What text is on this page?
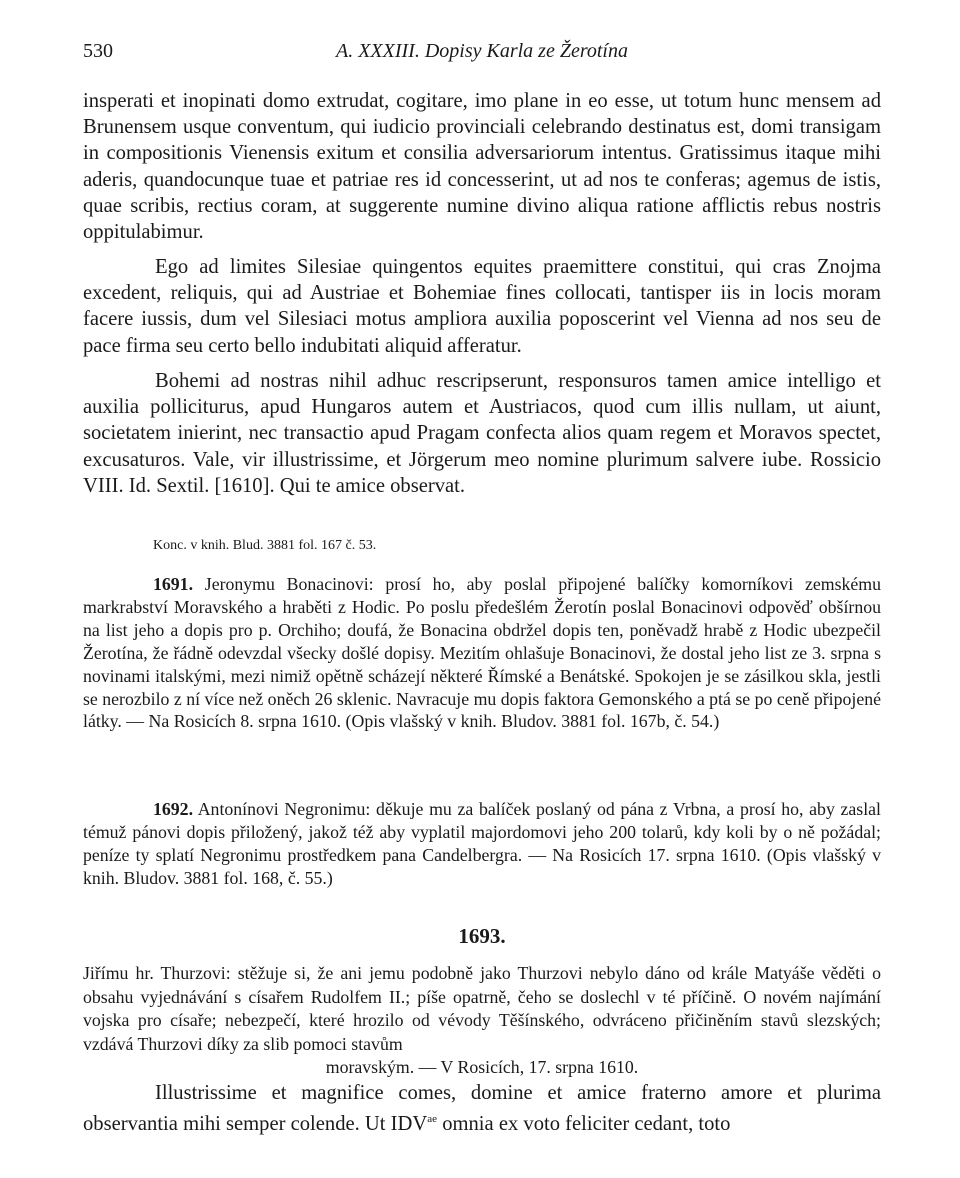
530	A. XXXIII. Dopisy Karla ze Žerotína

insperati et inopinati domo extrudat, cogitare, imo plane in eo esse, ut totum hunc mensem ad Brunensem usque conventum, qui iudicio provinciali celebrando destinatus est, domi transigam in compositionis Vienensis exitum et consilia adversariorum intentus. Gratissimus itaque mihi aderis, quandocunque tuae et patriae res id concesserint, ut ad nos te conferas; agemus de istis, quae scribis, rectius coram, at suggerente numine divino aliqua ratione afflictis rebus nostris oppitulabimur.

Ego ad limites Silesiae quingentos equites praemittere constitui, qui cras Znojma excedent, reliquis, qui ad Austriae et Bohemiae fines collocati, tantisper iis in locis moram facere iussis, dum vel Silesiaci motus ampliora auxilia poposcerint vel Vienna ad nos seu de pace firma seu certo bello indubitati aliquid afferatur.

Bohemi ad nostras nihil adhuc rescripserunt, responsuros tamen amice intelligo et auxilia polliciturus, apud Hungaros autem et Austriacos, quod cum illis nullam, ut aiunt, societatem inierint, nec transactio apud Pragam confecta alios quam regem et Moravos spectet, excusaturos. Vale, vir illustrissime, et Jörgerum meo nomine plurimum salvere iube. Rossicio VIII. Id. Sextil. [1610]. Qui te amice observat.

Konc. v knih. Blud. 3881 fol. 167 č. 53.

1691. Jeronymu Bonacinovi: prosí ho, aby poslal připojené balíčky komorníkovi zemskému markrabství Moravského a hraběti z Hodic. Po poslu předešlém Žerotín poslal Bonacinovi odpověď obšírnou na list jeho a dopis pro p. Orchiho; doufá, že Bonacina obdržel dopis ten, poněvadž hrabě z Hodic ubezpečil Žerotína, že řádně odevzdal všecky došlé dopisy. Mezitím ohlašuje Bonacinovi, že dostal jeho list ze 3. srpna s novinami italskými, mezi nimiž opětně scházejí některé Římské a Benátské. Spokojen je se zásilkou skla, jestli se nerozbilo z ní více než oněch 26 sklenic. Navracuje mu dopis faktora Gemonského a ptá se po ceně připojené látky. — Na Rosicích 8. srpna 1610. (Opis vlašský v knih. Bludov. 3881 fol. 167b, č. 54.)

1692. Antonínovi Negronimu: děkuje mu za balíček poslaný od pána z Vrbna, a prosí ho, aby zaslal témuž pánovi dopis přiložený, jakož též aby vyplatil majordomovi jeho 200 tolarů, kdy koli by o ně požádal; peníze ty splatí Negronimu prostředkem pana Candelbergra. — Na Rosicích 17. srpna 1610. (Opis vlašský v knih. Bludov. 3881 fol. 168, č. 55.)

1693.
Jiřímu hr. Thurzovi: stěžuje si, že ani jemu podobně jako Thurzovi nebylo dáno od krále Matyáše věděti o obsahu vyjednávání s císařem Rudolfem II.; píše opatrně, čeho se doslechl v té příčině. O novém najímání vojska pro císaře; nebezpečí, které hrozilo od vévody Těšínského, odvráceno přičiněním stavů slezských; vzdává Thurzovi díky za slib pomoci stavům
moravským. — V Rosicích, 17. srpna 1610.

Illustrissime et magnifice comes, domine et amice fraterno amore et plurima observantia mihi semper colende. Ut $IDV^{ae}$ omnia ex voto feliciter cedant, toto
